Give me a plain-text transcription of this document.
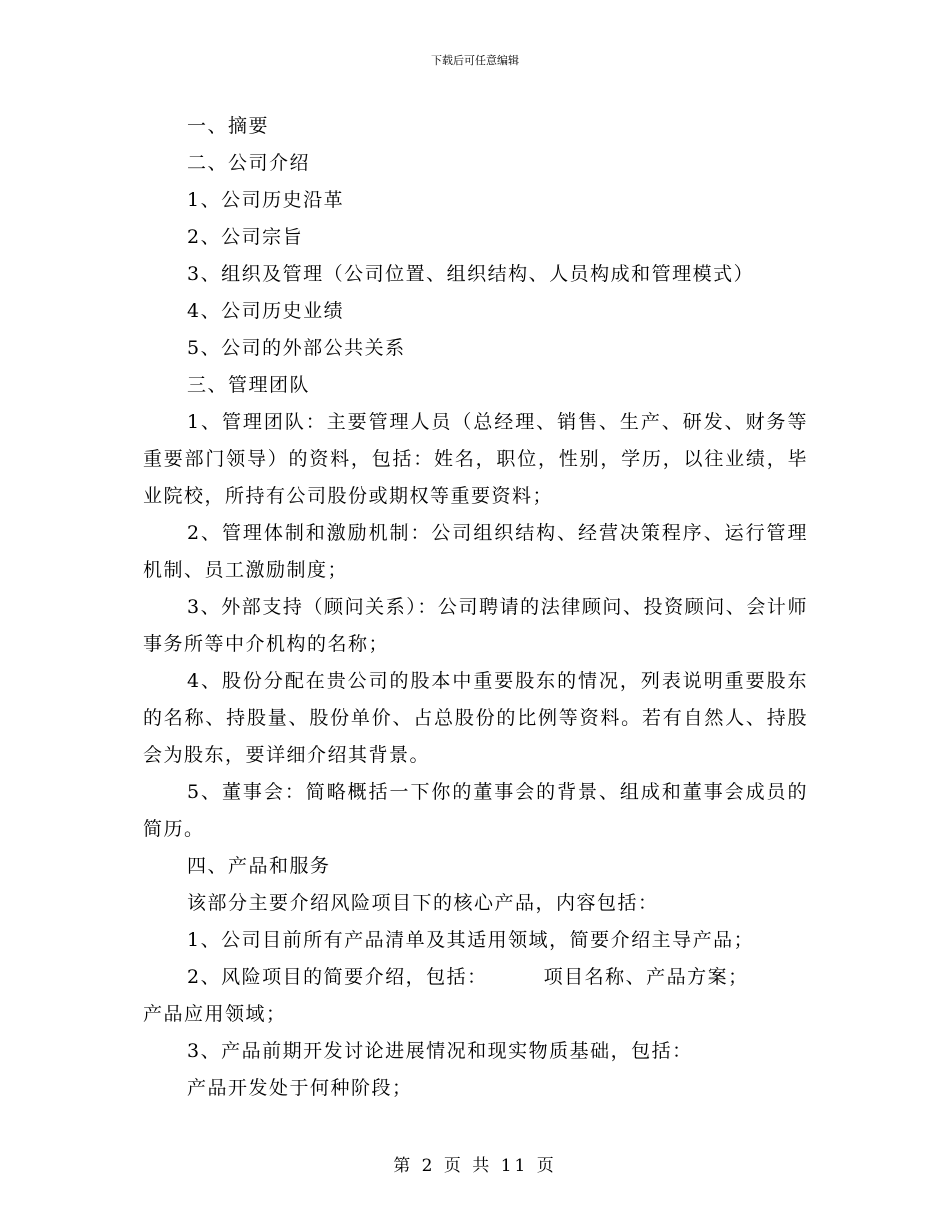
下载后可任意编辑

一、摘要

二、公司介绍

1、公司历史沿革

2、公司宗旨

3、组织及管理（公司位置、组织结构、人员构成和管理模式）

4、公司历史业绩

5、公司的外部公共关系

三、管理团队

1、管理团队：主要管理人员（总经理、销售、生产、研发、财务等重要部门领导）的资料，包括：姓名，职位，性别，学历，以往业绩，毕业院校，所持有公司股份或期权等重要资料；

2、管理体制和激励机制：公司组织结构、经营决策程序、运行管理机制、员工激励制度；

3、外部支持（顾问关系）：公司聘请的法律顾问、投资顾问、会计师事务所等中介机构的名称；

4、股份分配在贵公司的股本中重要股东的情况，列表说明重要股东的名称、持股量、股份单价、占总股份的比例等资料。若有自然人、持股会为股东，要详细介绍其背景。

5、董事会：简略概括一下你的董事会的背景、组成和董事会成员的简历。

四、产品和服务

该部分主要介绍风险项目下的核心产品，内容包括：

1、公司目前所有产品清单及其适用领域，简要介绍主导产品；

2、风险项目的简要介绍，包括：	项目名称、产品方案；

产品应用领域；

3、产品前期开发讨论进展情况和现实物质基础，包括：

产品开发处于何种阶段；

第 2 页 共 11 页
